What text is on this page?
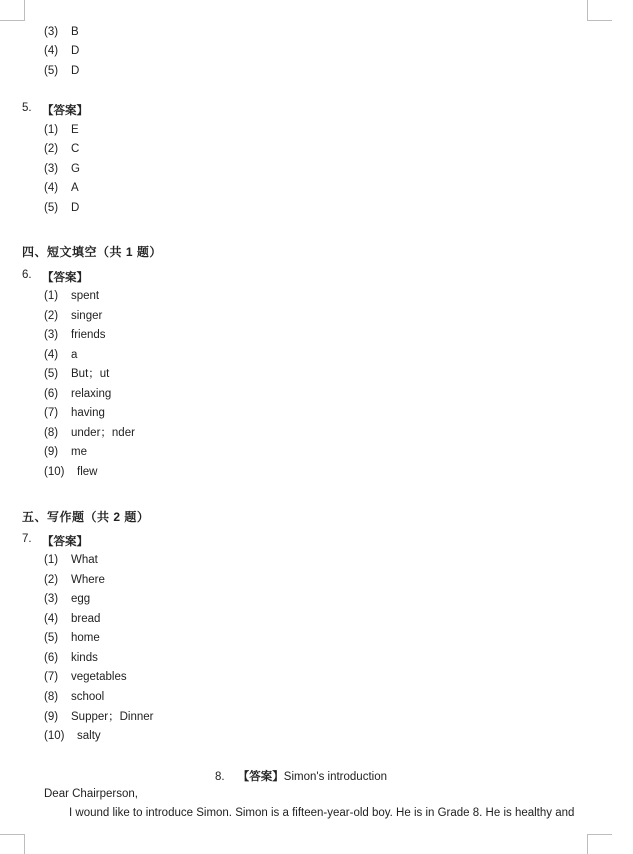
(3) B
(4) D
(5) D
5. 【答案】
(1) E
(2) C
(3) G
(4) A
(5) D
四、短文填空（共 1 题）
6. 【答案】
(1) spent
(2) singer
(3) friends
(4) a
(5) But；ut
(6) relaxing
(7) having
(8) under；nder
(9) me
(10) flew
五、写作题（共 2 题）
7. 【答案】
(1) What
(2) Where
(3) egg
(4) bread
(5) home
(6) kinds
(7) vegetables
(8) school
(9) Supper；Dinner
(10) salty
8. 【答案】Simon's introduction
Dear Chairperson,
I wound like to introduce Simon. Simon is a fifteen-year-old boy. He is in Grade 8. He is healthy and
